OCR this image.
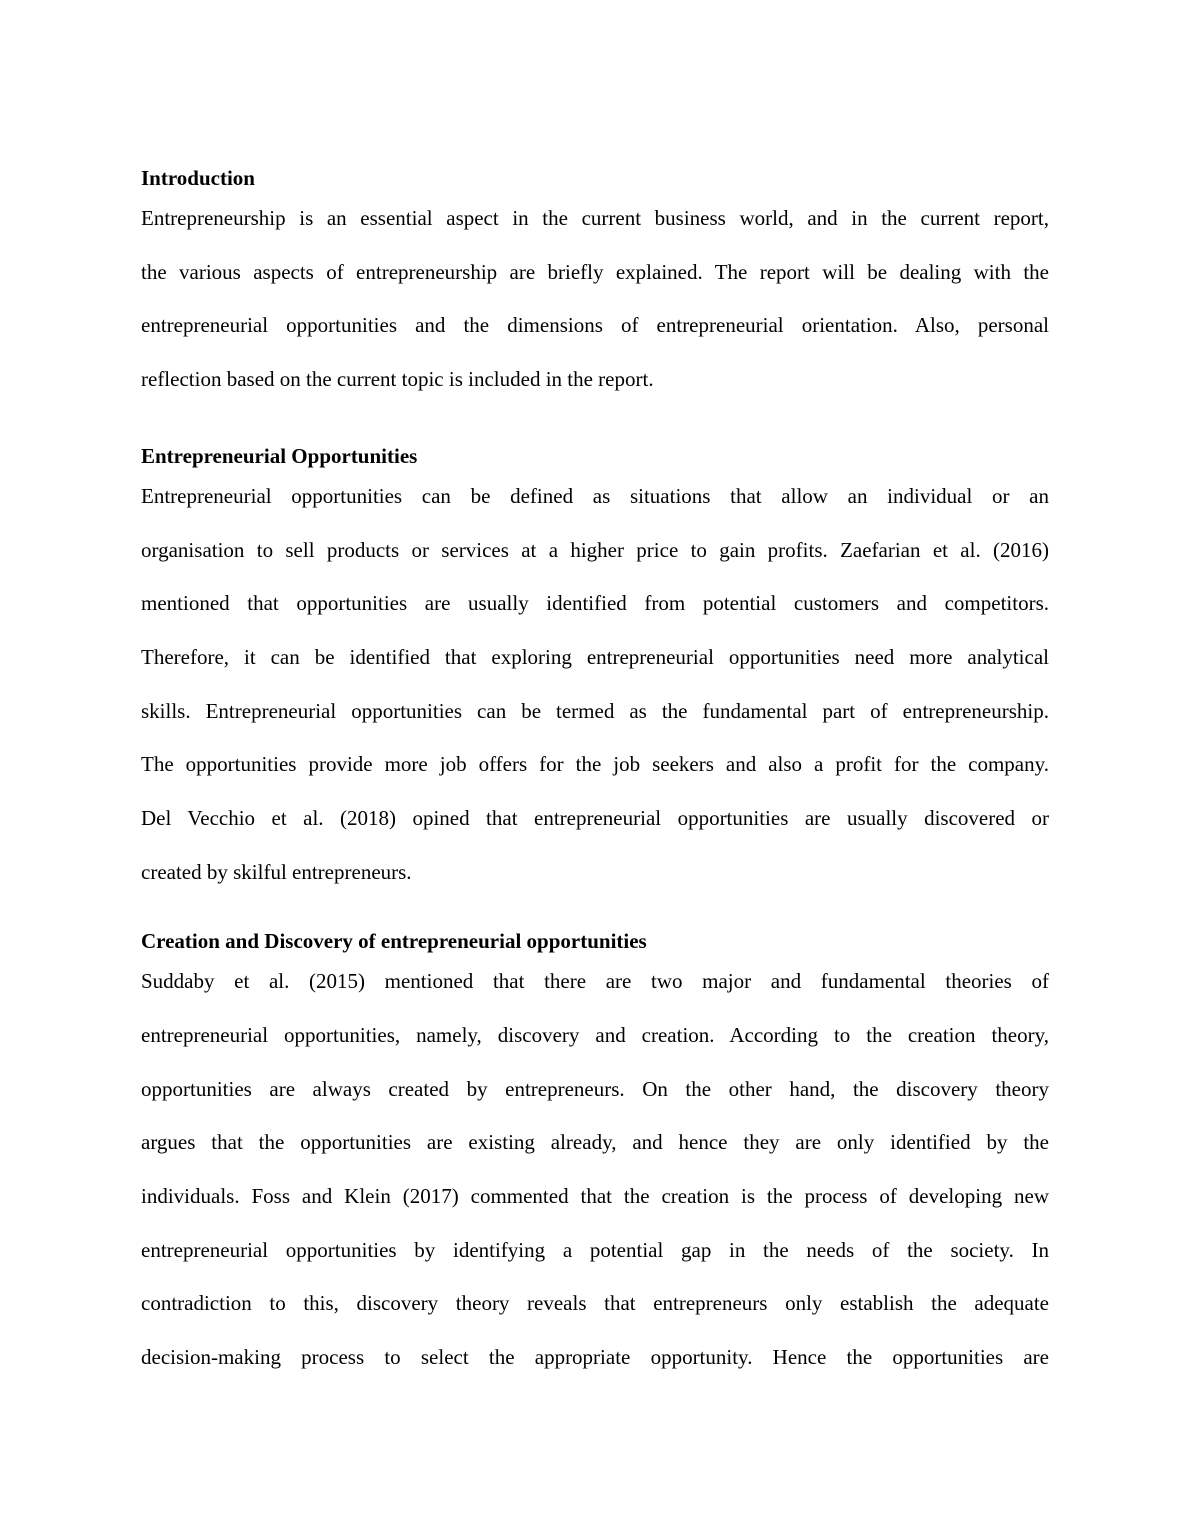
Introduction
Entrepreneurship is an essential aspect in the current business world, and in the current report,
the various aspects of entrepreneurship are briefly explained. The report will be dealing with the
entrepreneurial opportunities and the dimensions of entrepreneurial orientation. Also, personal
reflection based on the current topic is included in the report.
Entrepreneurial Opportunities
Entrepreneurial opportunities can be defined as situations that allow an individual or an
organisation to sell products or services at a higher price to gain profits. Zaefarian et al. (2016)
mentioned that opportunities are usually identified from potential customers and competitors.
Therefore, it can be identified that exploring entrepreneurial opportunities need more analytical
skills. Entrepreneurial opportunities can be termed as the fundamental part of entrepreneurship.
The opportunities provide more job offers for the job seekers and also a profit for the company.
Del Vecchio et al. (2018) opined that entrepreneurial opportunities are usually discovered or
created by skilful entrepreneurs.
Creation and Discovery of entrepreneurial opportunities
Suddaby et al. (2015) mentioned that there are two major and fundamental theories of
entrepreneurial opportunities, namely, discovery and creation. According to the creation theory,
opportunities are always created by entrepreneurs. On the other hand, the discovery theory
argues that the opportunities are existing already, and hence they are only identified by the
individuals. Foss and Klein (2017) commented that the creation is the process of developing new
entrepreneurial opportunities by identifying a potential gap in the needs of the society. In
contradiction to this, discovery theory reveals that entrepreneurs only establish the adequate
decision-making process to select the appropriate opportunity. Hence the opportunities are
